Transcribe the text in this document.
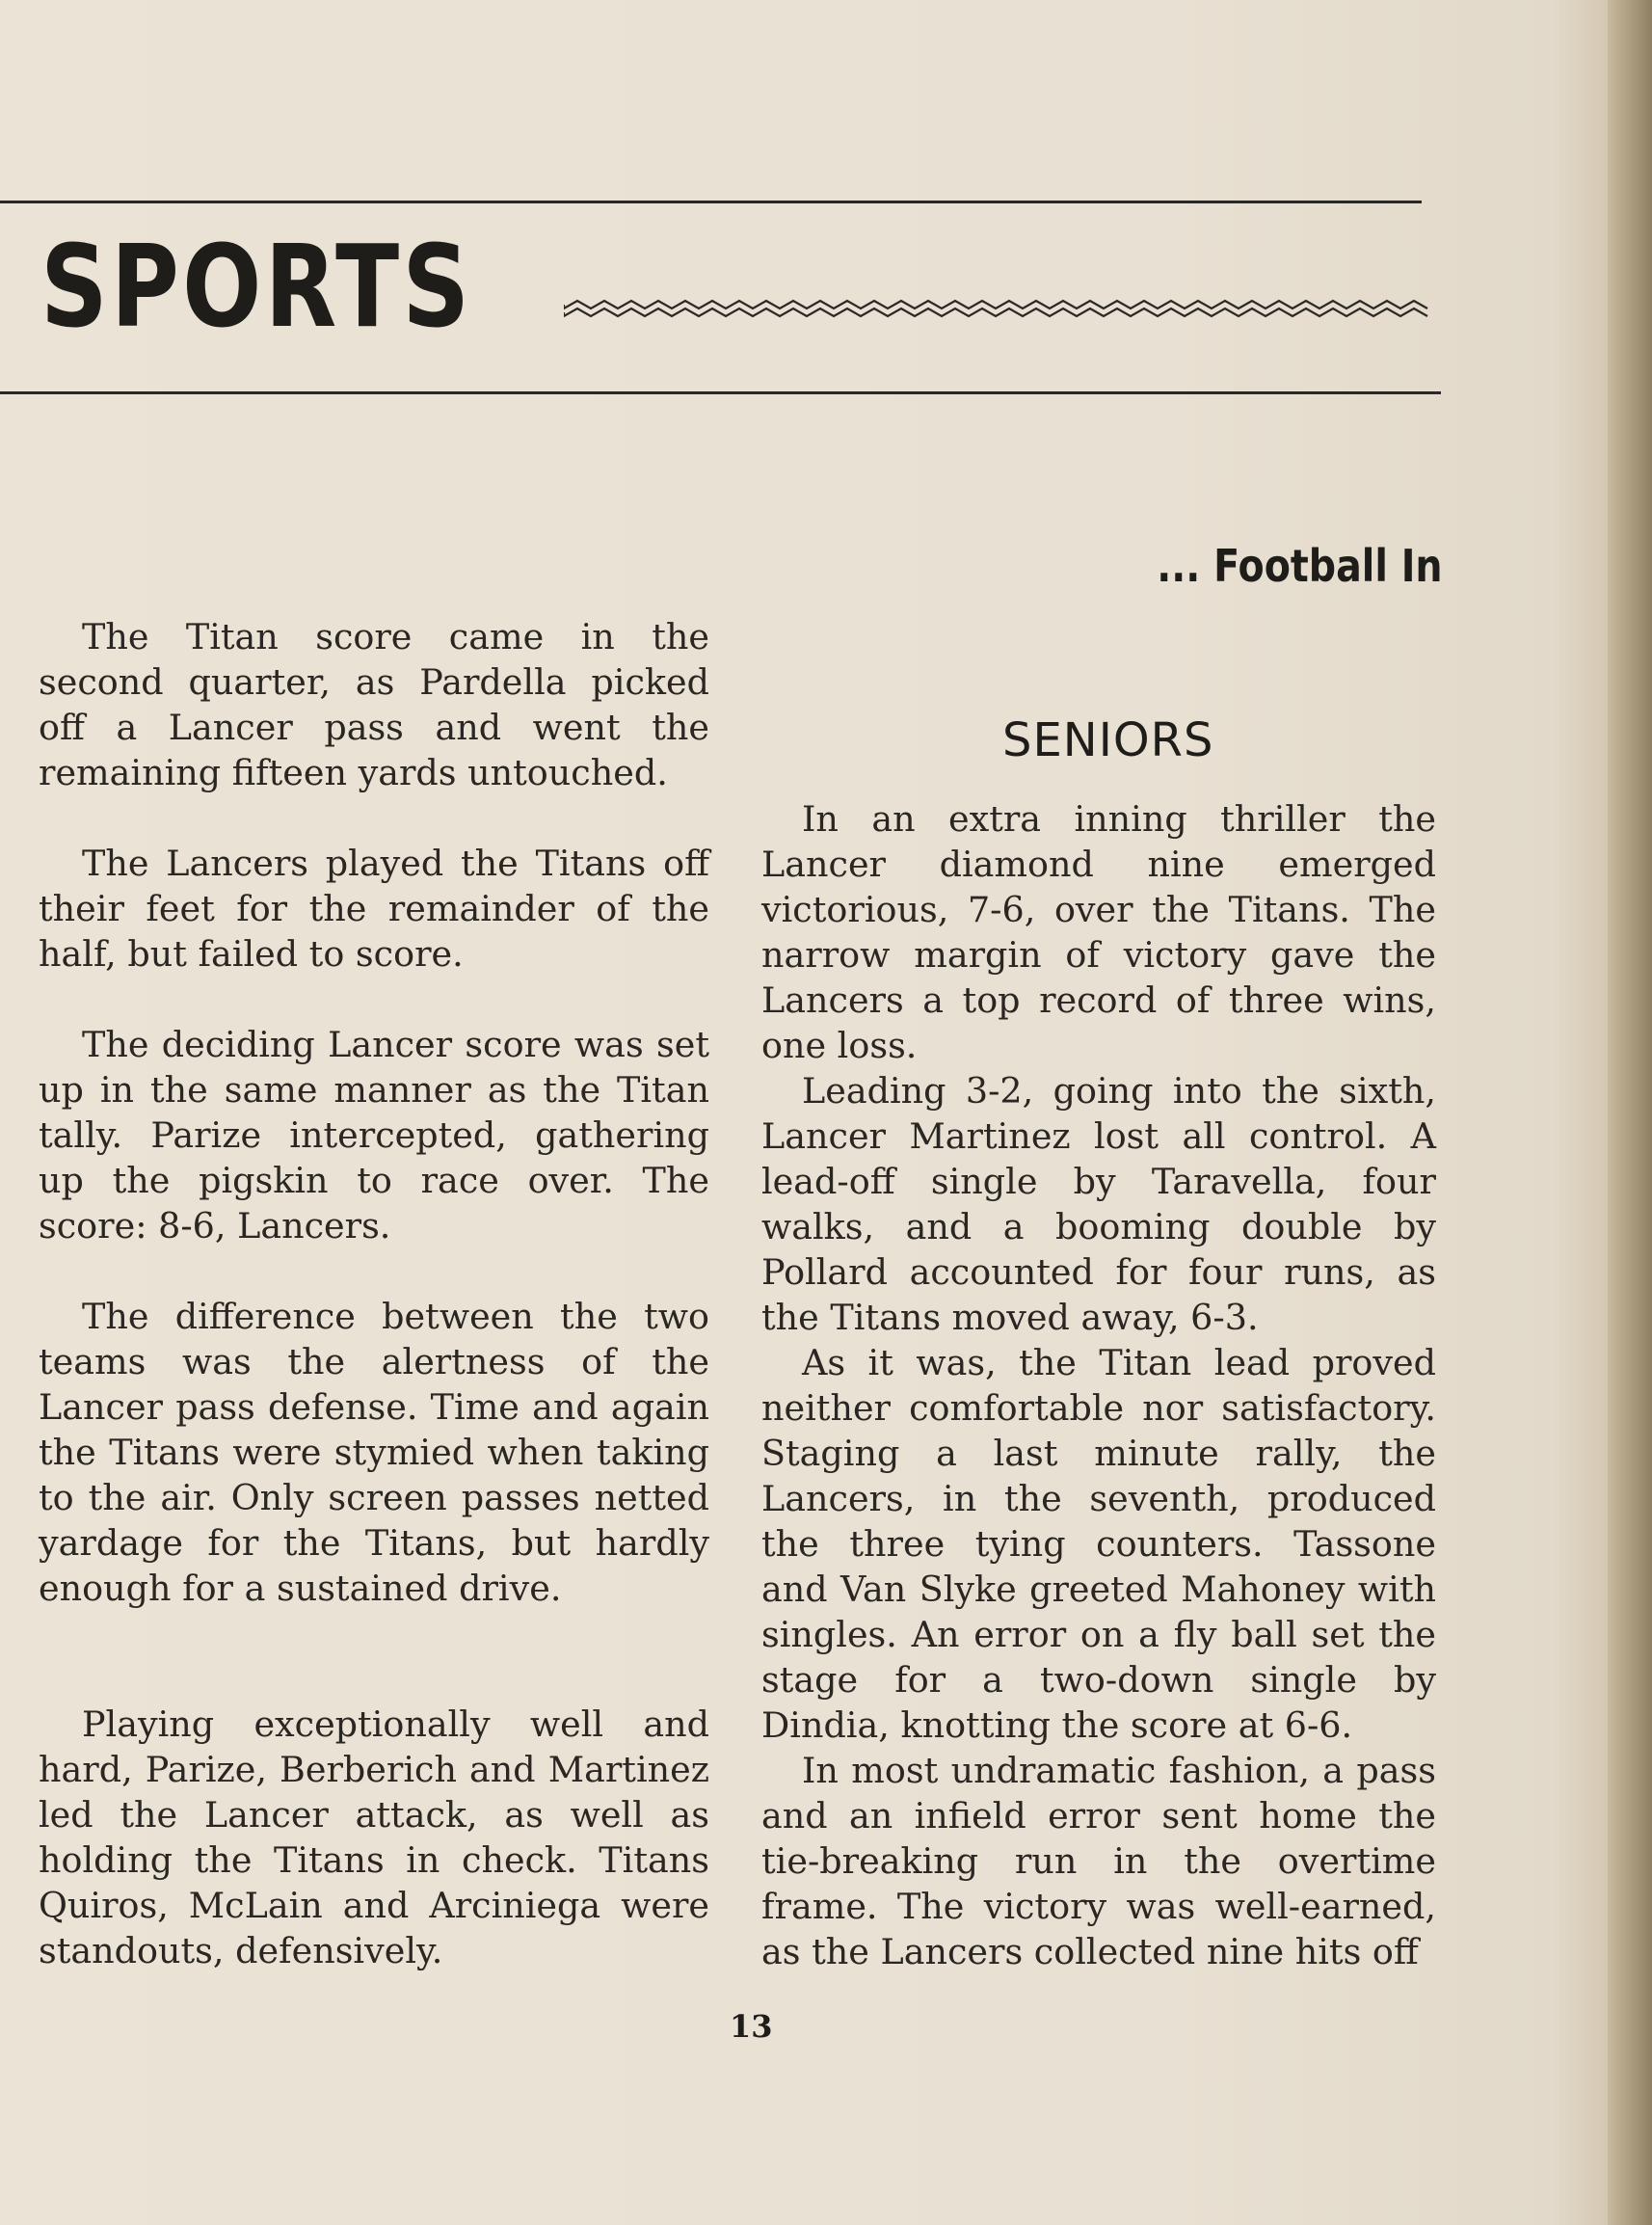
SPORTS
... Football In

The Titan score came in the second quarter, as Pardella picked off a Lancer pass and went the remaining fifteen yards untouched.

The Lancers played the Titans off their feet for the remainder of the half, but failed to score.

The deciding Lancer score was set up in the same manner as the Titan tally. Parize intercepted, gathering up the pigskin to race over. The score: 8-6, Lancers.

The difference between the two teams was the alertness of the Lancer pass defense. Time and again the Titans were stymied when taking to the air. Only screen passes netted yardage for the Titans, but hardly enough for a sustained drive.

Playing exceptionally well and hard, Parize, Berberich and Martinez led the Lancer attack, as well as holding the Titans in check. Titans Quiros, McLain and Arciniega were standouts, defensively.

SENIORS

In an extra inning thriller the Lancer diamond nine emerged victorious, 7-6, over the Titans. The narrow margin of victory gave the Lancers a top record of three wins, one loss.

Leading 3-2, going into the sixth, Lancer Martinez lost all control. A lead-off single by Taravella, four walks, and a booming double by Pollard accounted for four runs, as the Titans moved away, 6-3.

As it was, the Titan lead proved neither comfortable nor satisfactory. Staging a last minute rally, the Lancers, in the seventh, produced the three tying counters. Tassone and Van Slyke greeted Mahoney with singles. An error on a fly ball set the stage for a two-down single by Dindia, knotting the score at 6-6.

In most undramatic fashion, a pass and an infield error sent home the tie-breaking run in the overtime frame. The victory was well-earned, as the Lancers collected nine hits off

13
